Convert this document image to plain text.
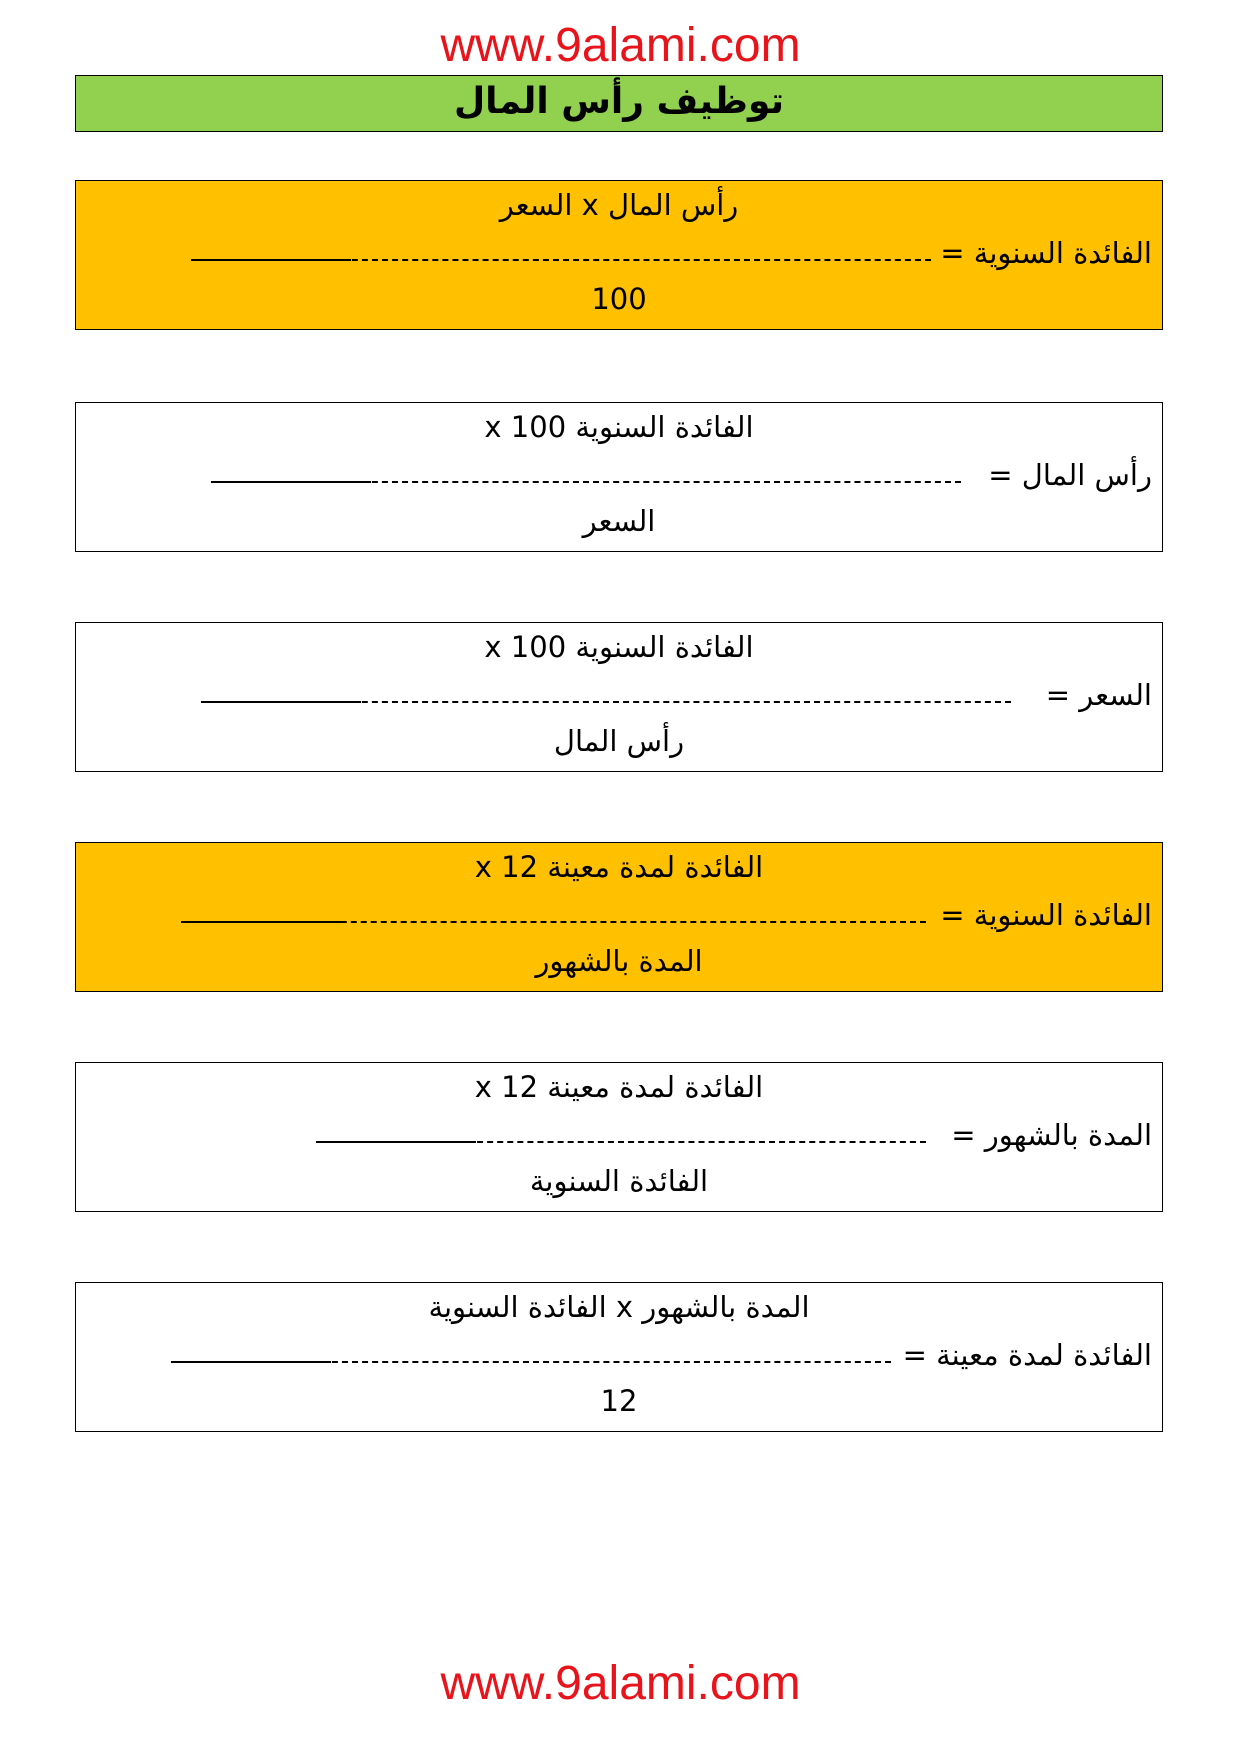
www.9alami.com
توظيف رأس المال
رأس المال x السعر
الفائدة السنوية =
100
الفائدة السنوية x 100
رأس المال =
السعر
الفائدة السنوية x 100
السعر =
رأس المال
الفائدة لمدة معينة x 12
الفائدة السنوية =
المدة بالشهور
الفائدة لمدة معينة x 12
المدة بالشهور =
الفائدة السنوية
المدة بالشهور x الفائدة السنوية
الفائدة لمدة معينة =
12
www.9alami.com
